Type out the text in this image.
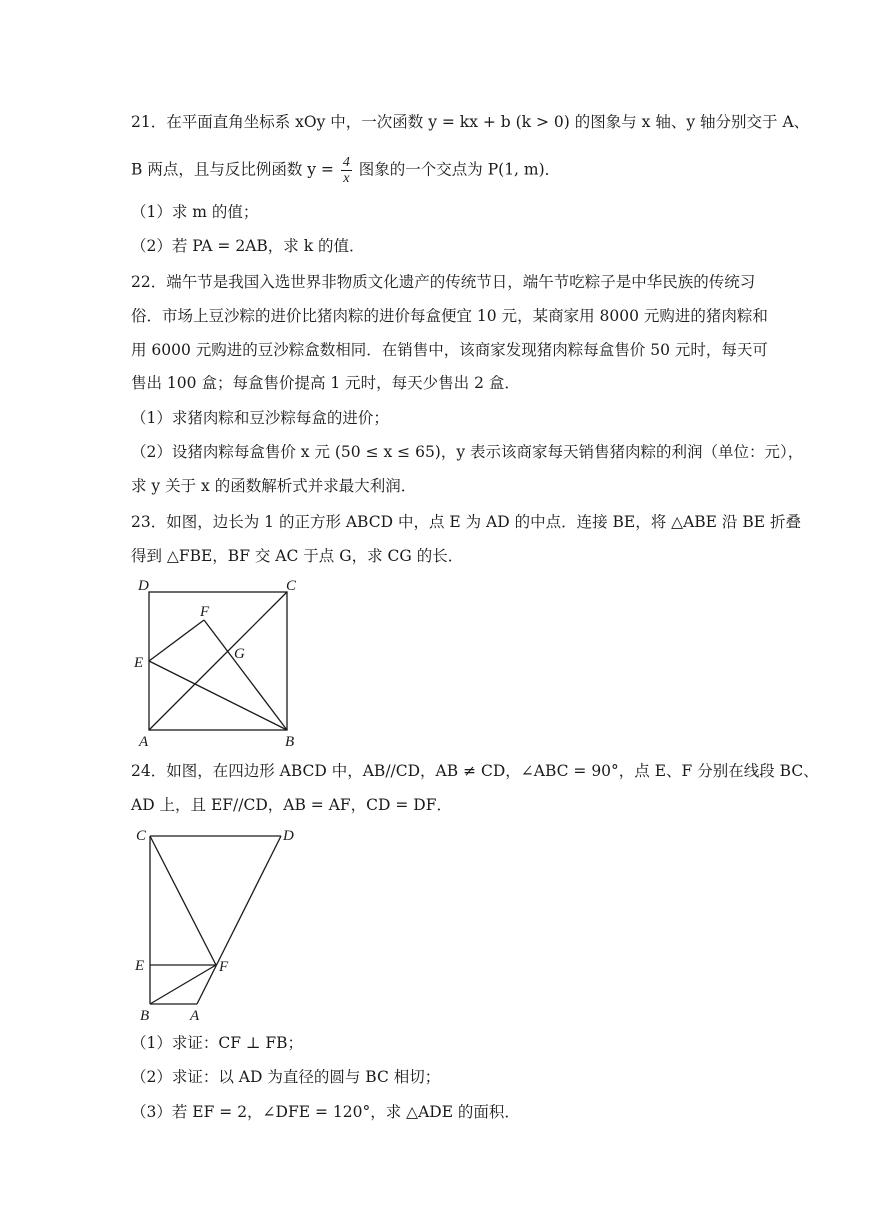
21．在平面直角坐标系 xOy 中，一次函数 y = kx + b (k > 0) 的图象与 x 轴、y 轴分别交于 A、
B 两点，且与反比例函数 $y = \frac{4}{x}$ 图象的一个交点为 P(1, m)．
（1）求 m 的值；
（2）若 PA = 2AB，求 k 的值．
22．端午节是我国入选世界非物质文化遗产的传统节日，端午节吃粽子是中华民族的传统习
俗．市场上豆沙粽的进价比猪肉粽的进价每盒便宜 10 元，某商家用 8000 元购进的猪肉粽和
用 6000 元购进的豆沙粽盒数相同．在销售中，该商家发现猪肉粽每盒售价 50 元时，每天可
售出 100 盒；每盒售价提高 1 元时，每天少售出 2 盒．
（1）求猪肉粽和豆沙粽每盒的进价；
（2）设猪肉粽每盒售价 x 元 (50 ≤ x ≤ 65)，y 表示该商家每天销售猪肉粽的利润（单位：元），
求 y 关于 x 的函数解析式并求最大利润．
23．如图，边长为 1 的正方形 ABCD 中，点 E 为 AD 的中点．连接 BE，将 △ABE 沿 BE 折叠
得到 △FBE，BF 交 AC 于点 G，求 CG 的长．
D	C
F
G
E
A	B
24．如图，在四边形 ABCD 中，AB//CD，AB ≠ CD，∠ABC = 90°，点 E、F 分别在线段 BC、
AD 上，且 EF//CD，AB = AF，CD = DF．
C	D
E	F
B	A
（1）求证：CF ⊥ FB；
（2）求证：以 AD 为直径的圆与 BC 相切；
（3）若 EF = 2，∠DFE = 120°，求 △ADE 的面积．
